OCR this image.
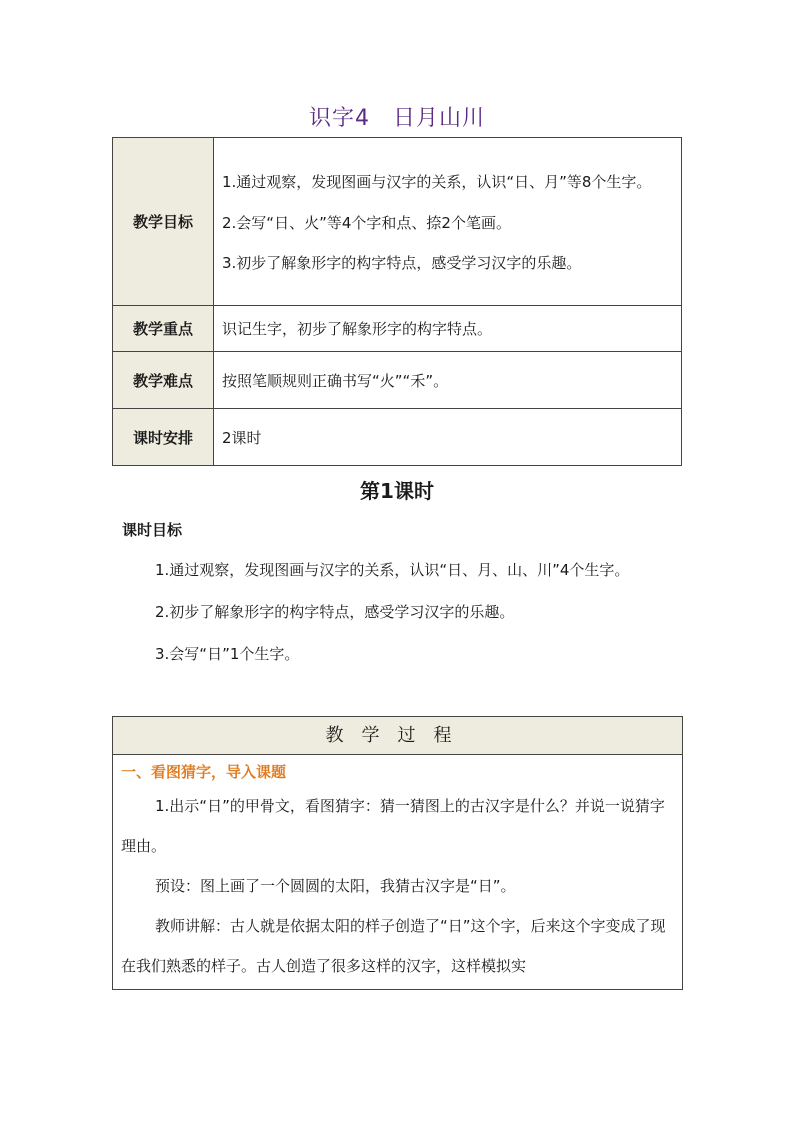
识字4　日月山川
教学目标	1.通过观察，发现图画与汉字的关系，认识“日、月”等8个生字。

2.会写“日、火”等4个字和点、捺2个笔画。

3.初步了解象形字的构字特点，感受学习汉字的乐趣。

教学重点	识记生字，初步了解象形字的构字特点。
教学难点	按照笔顺规则正确书写“火”“禾”。
课时安排	2课时
第1课时
课时目标

1.通过观察，发现图画与汉字的关系，认识“日、月、山、川”4个生字。

2.初步了解象形字的构字特点，感受学习汉字的乐趣。

3.会写“日”1个生字。

教学过程
一、看图猜字，导入课题

1.出示“日”的甲骨文，看图猜字：猜一猜图上的古汉字是什么？并说一说猜字理由。

预设：图上画了一个圆圆的太阳，我猜古汉字是“日”。

教师讲解：古人就是依据太阳的样子创造了“日”这个字，后来这个字变成了现在我们熟悉的样子。古人创造了很多这样的汉字，这样模拟实
